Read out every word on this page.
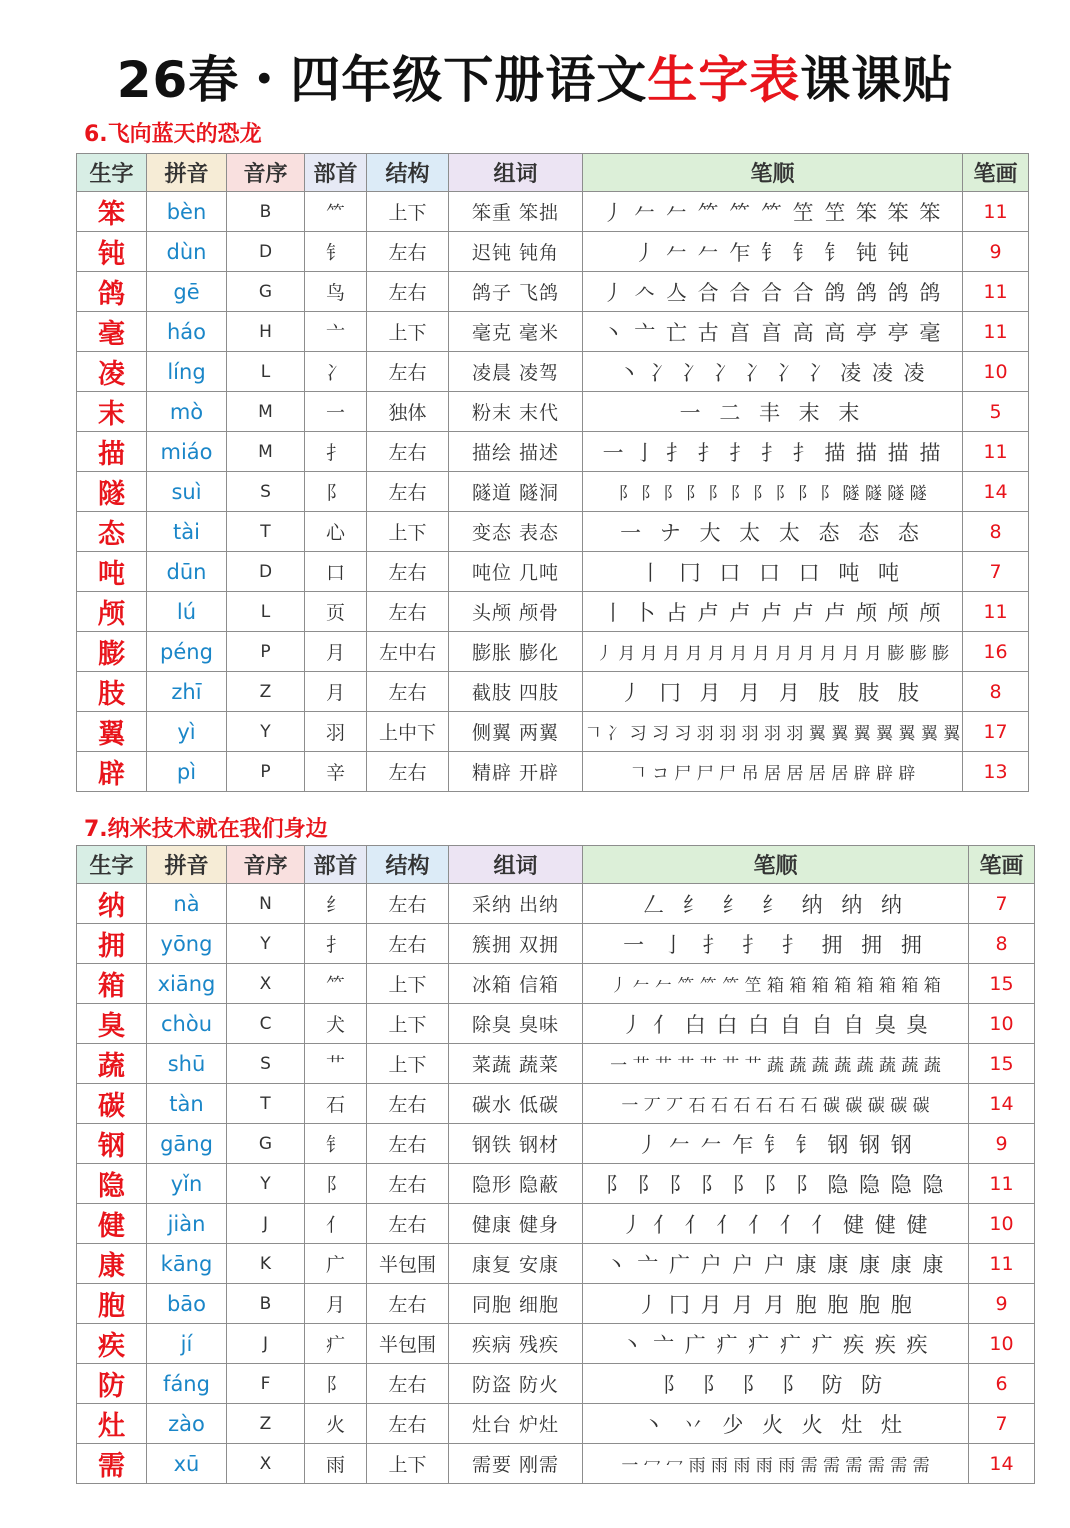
26春・四年级下册语文生字表课课贴
6.飞向蓝天的恐龙
生字	拼音	音序	部首	结构	组词	笔顺	笔画
笨	bèn	B	⺮	上下	笨重 笨拙	丿 𠂉 𠂉 ⺮ ⺮ ⺮ 笁 笁 笨 笨 笨	11
钝	dùn	D	钅	左右	迟钝 钝角	丿 𠂉 𠂉 乍 钅 钅 钅 钝 钝	9
鸽	gē	G	鸟	左右	鸽子 飞鸽	丿 𠆢 亼 合 合 合 合 鸽 鸽 鸽 鸽	11
毫	háo	H	亠	上下	毫克 毫米	丶 亠 亡 古 亯 亯 高 高 亭 亭 毫	11
凌	líng	L	冫	左右	凌晨 凌驾	丶 冫 冫 冫 冫 冫 冫 凌 凌 凌	10
末	mò	M	一	独体	粉末 末代	一 二 丰 末 末	5
描	miáo	M	扌	左右	描绘 描述	一 亅 扌 扌 扌 扌 扌 描 描 描 描	11
隧	suì	S	阝	左右	隧道 隧洞	阝 阝 阝 阝 阝 阝 阝 阝 阝 阝 隧 隧 隧 隧	14
态	tài	T	心	上下	变态 表态	一 ナ 大 太 太 态 态 态	8
吨	dūn	D	口	左右	吨位 几吨	丨 冂 口 口 口 吨 吨	7
颅	lú	L	页	左右	头颅 颅骨	丨 卜 占 卢 卢 卢 卢 卢 颅 颅 颅	11
膨	péng	P	月	左中右	膨胀 膨化	丿 月 月 月 月 月 月 月 月 月 月 月 月 膨 膨 膨	16
肢	zhī	Z	月	左右	截肢 四肢	丿 冂 月 月 月 肢 肢 肢	8
翼	yì	Y	羽	上中下	侧翼 两翼	𠃍 冫 习 习 习 羽 羽 羽 羽 羽 翼 翼 翼 翼 翼 翼 翼	17
辟	pì	P	辛	左右	精辟 开辟	𠃍 コ 尸 尸 尸 吊 居 居 居 居 辟 辟 辟	13
7.纳米技术就在我们身边
生字	拼音	音序	部首	结构	组词	笔顺	笔画
纳	nà	N	纟	左右	采纳 出纳	𠃋 纟 纟 纟 纳 纳 纳	7
拥	yōng	Y	扌	左右	簇拥 双拥	一 亅 扌 扌 扌 拥 拥 拥	8
箱	xiāng	X	⺮	上下	冰箱 信箱	丿 𠂉 𠂉 ⺮ ⺮ ⺮ 笁 箱 箱 箱 箱 箱 箱 箱 箱	15
臭	chòu	C	犬	上下	除臭 臭味	丿 亻 白 白 白 自 自 自 臭 臭	10
蔬	shū	S	艹	上下	菜蔬 蔬菜	一 艹 艹 艹 艹 艹 艹 蔬 蔬 蔬 蔬 蔬 蔬 蔬 蔬	15
碳	tàn	T	石	左右	碳水 低碳	一 丆 丆 石 石 石 石 石 石 碳 碳 碳 碳 碳	14
钢	gāng	G	钅	左右	钢铁 钢材	丿 𠂉 𠂉 乍 钅 钅 钢 钢 钢	9
隐	yǐn	Y	阝	左右	隐形 隐蔽	阝 阝 阝 阝 阝 阝 阝 隐 隐 隐 隐	11
健	jiàn	J	亻	左右	健康 健身	丿 亻 亻 亻 亻 亻 亻 健 健 健	10
康	kāng	K	广	半包围	康复 安康	丶 亠 广 户 户 户 康 康 康 康 康	11
胞	bāo	B	月	左右	同胞 细胞	丿 冂 月 月 月 胞 胞 胞 胞	9
疾	jí	J	疒	半包围	疾病 残疾	丶 亠 广 疒 疒 疒 疒 疾 疾 疾	10
防	fáng	F	阝	左右	防盗 防火	阝 阝 阝 阝 防 防	6
灶	zào	Z	火	左右	灶台 炉灶	丶 丷 少 火 火 灶 灶	7
需	xū	X	雨	上下	需要 刚需	一 冖 冖 雨 雨 雨 雨 雨 需 需 需 需 需 需	14
